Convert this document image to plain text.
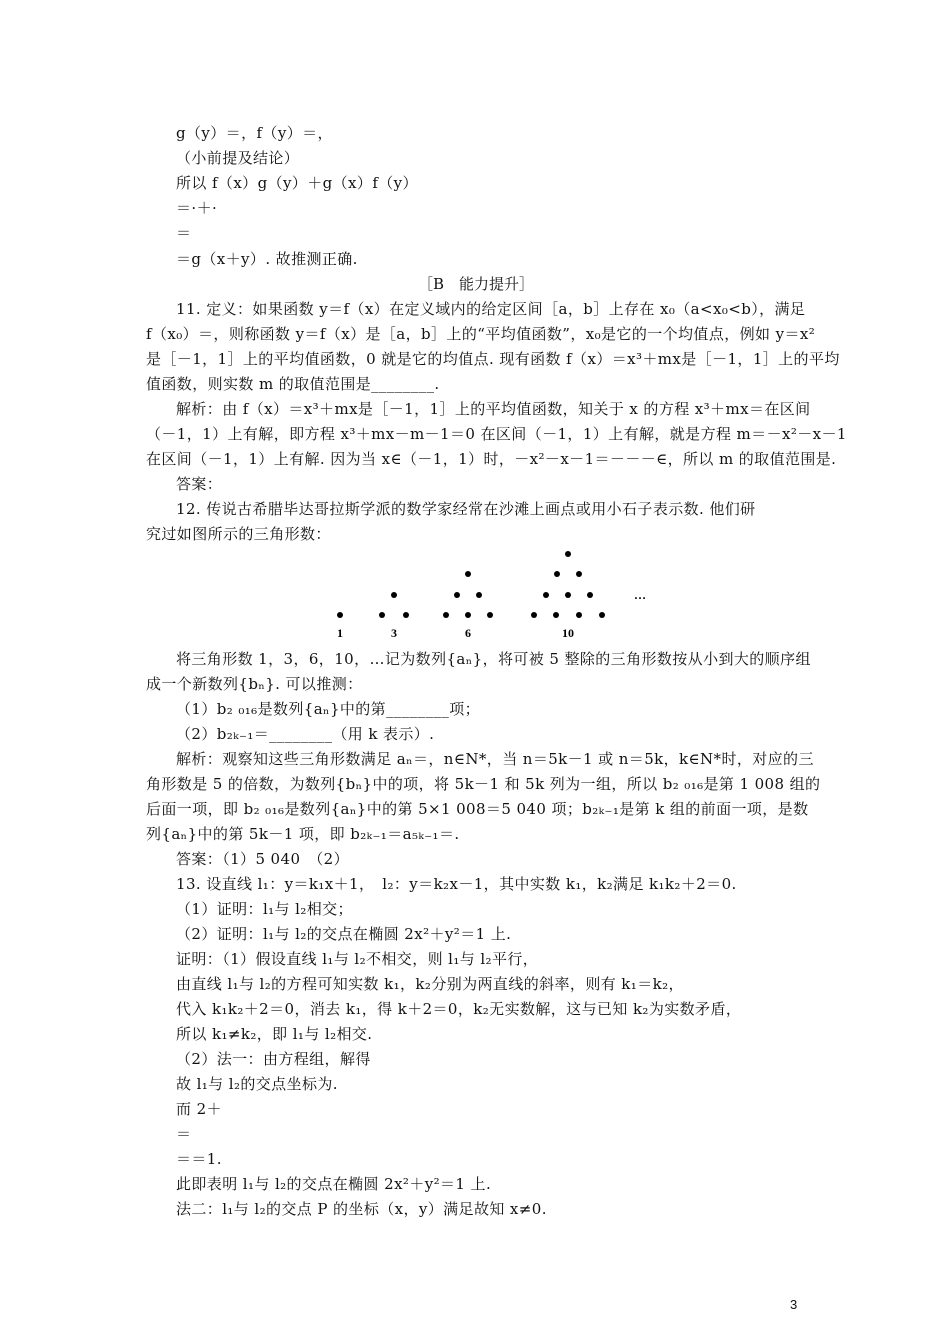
g（y）＝，f（y）＝，
（小前提及结论）
所以 f（x）g（y）＋g（x）f（y）
＝·＋·
＝
＝g（x＋y）. 故推测正确.
［B　能力提升］
11. 定义：如果函数 y＝f（x）在定义域内的给定区间［a，b］上存在 x₀（a<x₀<b），满足
f（x₀）＝，则称函数 y＝f（x）是［a，b］上的“平均值函数”，x₀是它的一个均值点，例如 y＝x²
是［－1，1］上的平均值函数，0 就是它的均值点. 现有函数 f（x）＝x³＋mx是［－1，1］上的平均
值函数，则实数 m 的取值范围是________.
解析：由 f（x）＝x³＋mx是［－1，1］上的平均值函数，知关于 x 的方程 x³＋mx＝在区间
（－1，1）上有解，即方程 x³＋mx－m－1＝0 在区间（－1，1）上有解，就是方程 m＝－x²－x－1
在区间（－1，1）上有解. 因为当 x∈（－1，1）时，－x²－x－1＝－－－∈，所以 m 的取值范围是.
答案：
12. 传说古希腊毕达哥拉斯学派的数学家经常在沙滩上画点或用小石子表示数. 他们研
究过如图所示的三角形数：
1	3	6	10
…
将三角形数 1，3，6，10，…记为数列{aₙ}，将可被 5 整除的三角形数按从小到大的顺序组
成一个新数列{bₙ}. 可以推测：
（1）b₂ ₀₁₆是数列{aₙ}中的第________项；
（2）b₂ₖ₋₁＝________（用 k 表示）.
解析：观察知这些三角形数满足 aₙ＝，n∈N*，当 n＝5k－1 或 n＝5k，k∈N*时，对应的三
角形数是 5 的倍数，为数列{bₙ}中的项，将 5k－1 和 5k 列为一组，所以 b₂ ₀₁₆是第 1 008 组的
后面一项，即 b₂ ₀₁₆是数列{aₙ}中的第 5×1 008＝5 040 项；b₂ₖ₋₁是第 k 组的前面一项，是数
列{aₙ}中的第 5k－1 项，即 b₂ₖ₋₁＝a₅ₖ₋₁＝.
答案：（1）5 040　（2）
13. 设直线 l₁：y＝k₁x＋1，　l₂：y＝k₂x－1，其中实数 k₁，k₂满足 k₁k₂＋2＝0.
（1）证明：l₁与 l₂相交；
（2）证明：l₁与 l₂的交点在椭圆 2x²＋y²＝1 上.
证明：（1）假设直线 l₁与 l₂不相交，则 l₁与 l₂平行，
由直线 l₁与 l₂的方程可知实数 k₁，k₂分别为两直线的斜率，则有 k₁＝k₂，
代入 k₁k₂＋2＝0，消去 k₁，得 k＋2＝0，k₂无实数解，这与已知 k₂为实数矛盾，
所以 k₁≠k₂，即 l₁与 l₂相交.
（2）法一：由方程组，解得
故 l₁与 l₂的交点坐标为.
而 2＋
＝
＝＝1.
此即表明 l₁与 l₂的交点在椭圆 2x²＋y²＝1 上.
法二：l₁与 l₂的交点 P 的坐标（x，y）满足故知 x≠0.
3
